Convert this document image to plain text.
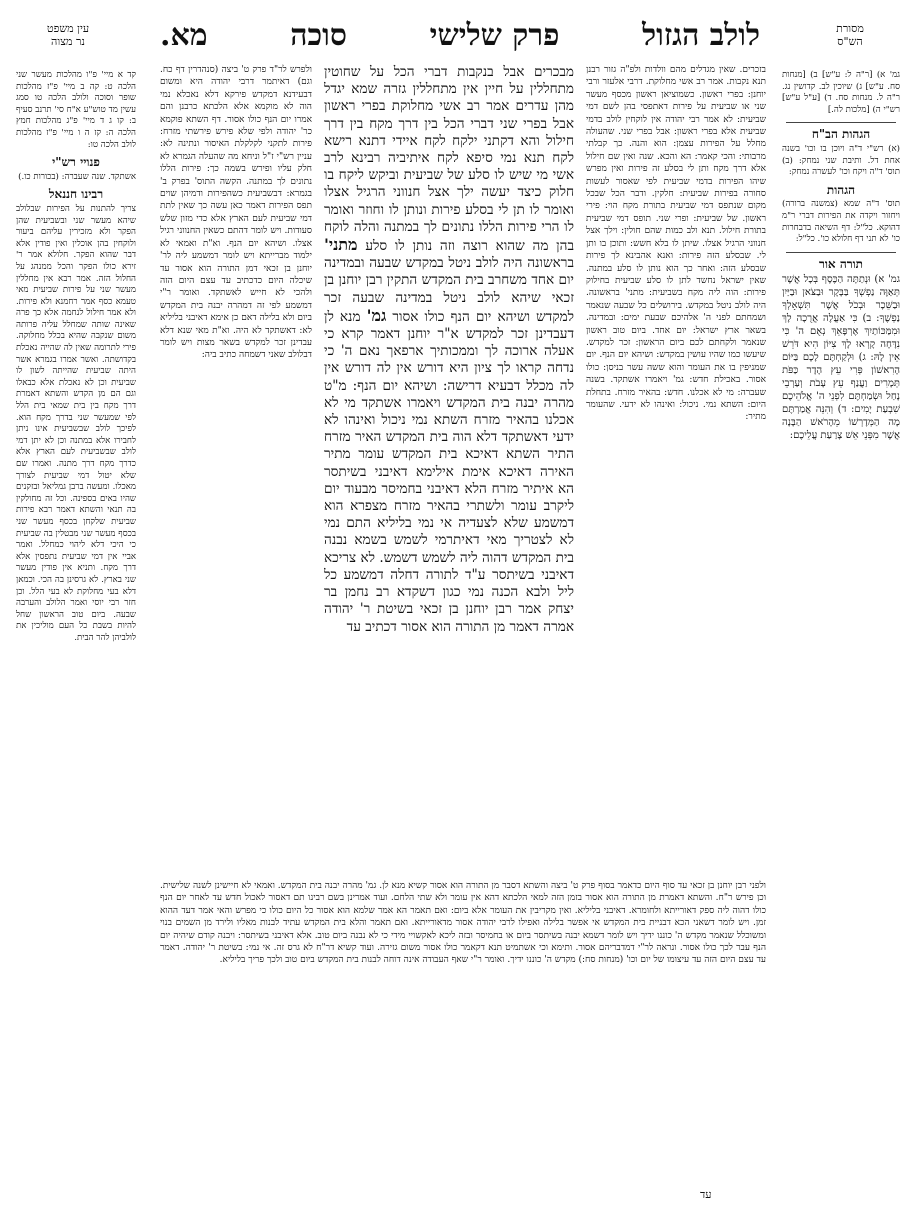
מסורת
הש"ס
לולב הגזול
פרק שלישי
סוכה
מא.
עין משפט
נר מצוה

גמ' א) [ר"ה ל: ע"ש] ב) [מנחות סח. ע"ש] ג) שיוכין לב. קדושין נג. ר"ה ל. מנחות סח. ד) [ע"ל ע"ש] רש"י ה) [מלכות לה.]

הגהות הב"ח

(א) רש"י ד"ה ויוכן בו וכו' בשנה אחת דל. ותיבת שני נמחק: (ב) תוס' ד"ה ויקח וכו' לעשרה נמחק:

הגהות

תוס' ד"ה שמא (צמשנה ברורה) ויחזור ויקדה את הפירות דברי ר"מ דהוקא. כל"ל: דף השיאה בדבחרות כו' לא תני דף חלולא כו'. כל"ל:

תורה אור

גמ' א) וּנְתַתָּה הַכֶּסֶף בְּכָל אֲשֶׁר תְּאַוֶּה נַפְשְׁךָ בַּבָּקָר וּבַצֹּאן וּבַיַּיִן וּבַשֵּׁכָר וּבְכֹל אֲשֶׁר תִּשְׁאָלְךָ נַפְשֶׁךָ: ב) כִּי אַעֲלֶה אֲרֻכָה לָךְ וּמִמַּכּוֹתַיִךְ אֶרְפָּאֵךְ נְאֻם ה' כִּי נִדָּחָה קָרְאוּ לָךְ צִיּוֹן הִיא דֹּרֵשׁ אֵין לָהּ: ג) וּלְקַחְתֶּם לָכֶם בַּיּוֹם הָרִאשׁוֹן פְּרִי עֵץ הָדָר כַּפֹּת תְּמָרִים וַעֲנַף עֵץ עָבֹת וְעַרְבֵי נָחַל וּשְׂמַחְתֶּם לִפְנֵי ה' אֱלֹהֵיכֶם שִׁבְעַת יָמִים: ד) וְהִנֵּה אֲמַרְתֶּם מָה הַמְּדָרְשׁוֹ מֵהָרֹאשׁ הַבָּנָה אֲשֶׁר מִפְּנֵי אֵשׁ צָרַעַת עֲלֵיכֶם:

קד א מיי' פ"ו מהלכות מעשר שני הלכה ט: קה ב מיי' פ"ז מהלכות שופר וסוכה ולולב הלכה טו סמג עשין מד טוש"ע א"ח סי' תרנב סעיף ב: קו ג ד מיי' פ"ג מהלכות חמץ הלכה ה: קז ה ו מיי' פ"ז מהלכות לולב הלכה טו:

פנויי רש"י

אשתקד. שנה שעברה: (בכורות כו.)

רבינו חננאל

צריך להתנות על הפירות שבלולב שיהא מעשר שני ובשביעית שהן הפקר ולא מזכירין עליהם ביעור ולוקחין בהן אוכלין ואין פודין אלא דבר שהוא הפקר. חלולא אמר ר' זירא כולו הפקר והכל ממנהג על החלול הזה. אמר רבא אין מחללין מעשר שני על פירות שביעית מאי טעמא כסף אמר רחמנא ולא פירות. ולא אמר חילול לנחמה אלא כך פרה שאינה שותה שמחלל עליה פרותה משום שנקבה שהיא בכלל מחלוקה. פירי לתרומה שאין לה שהייה נאכלת בקדושתה. ואשר אמרו בגמרא אשר היתה שביעית שהייתה לשון לו שביעית וכן לא נאכלת אלא כבאלו וגם הם מן הקדש והשתא דאמרת דרך מקח בין בית שמאי בית הלל לפי שמעשר שני בדרך מקח הוא. לפיכך לולב שבשביעית אינו ניתן לחבירו אלא במתנה וכן לא יתן דמי לולב שבשביעית לעם הארץ אלא כדרך מקח דרך מתנה. ואמרו שם שלא יטול דמי שביעית לצורך מאכלו. ומעשה ברבן גמליאל ובזקנים שהיו באים בספינה. וכל זה מחולקין בה תנאי והשתא דאמר רבא פירות שביעית שלקחן בכסף מעשר שני בכסף מעשר שני מבטלין בה שביעית כי היכי דלא ליהוי כמחלל. ואמר אביי אין דמי שביעית נתפסין אלא דרך מקח. ותניא אין פודין מעשר שני בארץ. לא גרסינן בה הכי. וכמאן דלא בעי מחלוקת לא בעי הלל. וכן חזר רבי יוסי ואמר הלולב והערבה שבעה. ביום טוב הראשון שחל להיות בשבת כל העם מוליכין את לולביהן להר הבית.

בזכרים. שאין מגדלים מהם וולדות ולפ"ה גזור רבנן תנא נקבות. אמר רב אשי מחלוקת. דרבי אלעזר ורבי יוחנן: בפרי ראשון. כשמוציאן ראשון מכסף מעשר שני או שביעית על פירות דאתפסי בהן לשם דמי שביעית: לא אמר רבי יהודה אין לוקחין לולב בדמי שביעית אלא בפרי ראשון: אבל בפרי שני. שהעולה מחלל על הפירות עצמן: הוא והנה. כך קבלתי מרבותי: והכי קאמר: הא והכא. שנה ואין שם חילול אלא דרך מקח ותן לי בסלע זה פירות ואין מפרש שיהו הפירות בדמי שביעית לפי שאסור לעשות סחורה בפירות שביעית: חלקין. ודבר הכל שבכל מקום שנתפס דמי שביעית בתורת מקח הוי: פירי ראשון. של שביעית: ופרי שני. תופס דמי שביעית בתורת חילול. תנא ולב כמות שהם חולין: וילך אצל חנווני הרגיל אצלו. שיתן לו בלא חשש: ותוכן בו ותן לי. שבסלע הזה פירות: ואנא אהבינא לך פירות שבסלע הזה: ואחר כך הוא נותן לו סלע במתנה. שאין ישראל נחשד לתן לו סלע שביעית בחילוק פירות: הוה ליה מקח בשביעית: מתני' בראשונה. היה לולב ניטל במקדש. בירושלים כל שבעה שנאמר ושמחתם לפני ה' אלהיכם שבעת ימים: ובמדינה. בשאר ארץ ישראל: יום אחד. ביום טוב ראשון שנאמר ולקחתם לכם ביום הראשון: זכר למקדש. שיעשו כמו שהיו עושין במקדש: ושיהא יום הנף. יום שמניפין בו את העומר והוא ששה עשר בניסן: כולו אסור. באכילת חדש: גמ' ויאמרו אשתקד. בשנה שעברה: מי לא אכלנו. חדש: בהאיר מזרח. בתחלת היום: השתא נמי. ניכול: ואינהו לא ידעי. שהעומר מתיר:

מבכרים אבל בנקבות דברי הכל על שחוטין מתחללין על חיין אין מתחללין גזרה שמא יגדל מהן עדרים אמר רב אשי מחלוקת בפרי ראשון אבל בפרי שני דברי הכל בין דרך מקח בין דרך חילול והא דקתני ילקח לקח איידי דתנא רישא לקח תנא נמי סיפא לקח איתיביה רבינא לרב אשי מי שיש לו סלע של שביעית וביקש ליקח בו חלוק כיצד יעשה ילך אצל חנווני הרגיל אצלו ואומר לו תן לי בסלע פירות ונותן לו וחוזר ואומר לו הרי פירות הללו נתונים לך במתנה והלה לוקח בהן מה שהוא רוצה וזה נותן לו סלע מתני' בראשונה היה לולב ניטל במקדש שבעה ובמדינה יום אחד משחרב בית המקדש התקין רבן יוחנן בן זכאי שיהא לולב ניטל במדינה שבעה זכר למקדש ושיהא יום הנף כולו אסור גמ' מנא לן דעבדינן זכר למקדש א"ר יוחנן דאמר קרא כי אעלה ארוכה לך וממכותיך ארפאך נאם ה' כי נדחה קראו לך ציון היא דורש אין לה דורש אין לה מכלל דבעיא דרישה: ושיהא יום הנף: מ"ט מהרה יבנה בית המקדש ויאמרו אשתקד מי לא אכלנו בהאיר מזרח השתא נמי ניכול ואינהו לא ידעי דאשתקד דלא הוה בית המקדש האיר מזרח התיר השתא דאיכא בית המקדש עומר מתיר האירה דאיכא אימת אילימא דאיבני בשיתסר הא איתיר מזרח הלא דאיבני בחמיסר מבעוד יום ליקרב עומר ולשתרי בהאיר מזרח מצפרא הוא דמשמע שלא לצעדיה אי נמי בליליא התם נמי לא לצטריך מאי דאיתרמי לשמש בשמא נבנה בית המקדש דהוה ליה לשמש דשמש. לא צריכא דאיבני בשיתסר ע"ד לתורה דחלה דמשמע כל ליל ולבא הכנה נמי כגון דשקדא רב נחמן בר יצחק אמר רבן יוחנן בן זכאי בשיטת ר' יהודה אמרה דאמר מן התורה הוא אסור דכתיב עד

ולפרש לר"ד פרק ט' ביצה (סנהדרין דף כח. וגם) דאיתמר דרבי יהודה היא ומשום דבעידנא דמקדש פירקא דלא נאכלא נמי הוה לא מוקמא אלא הלכתא כרבנן והם אמרו יום הנף כולו אסור. דף השתא פוקמא כר' יהודה ולפי שלא פירש פירשתי מזרח: פירות לתקני לקלקלת האיסור ונתינה לא: עניין רש"י ז"ל וניחא מה שהעלה הגמרא לא חלק עליו ופירש בשמה כך: פירות הללו נתונים לך במתנה. הקשה התוס' בפרק ב' בגמרא: דבשביעית כשהפירות ודמיהן שוים תפס הפירות דאמר כאן עשה כך שאין לתת דמי שביעית לעם הארץ אלא כדי מזון שלש סעודות. ויש לומר דהתם כשאין החנווני רגיל אצלו. ושיהא יום הנף. וא"ת ואמאי לא ילמוד מברייתא ויש לומר דמשמע ליה לר' יוחנן בן זכאי דמן התורה הוא אסור עד שיכלה היום כדכתיב עד עצם היום הזה ולהכי לא חייש לאשתקד. ואומר ר"י דמשמע לפי זה דמהרה יבנה בית המקדש ביום ולא בלילה דאם כן אימא דאיבני בליליא לא: דאשתקד לא היה. וא"ת מאי שנא דלא עבדינן זכר למקדש בשאר מצות ויש לומר דבלולב שאני דשמחה כתיב ביה:

ולפני רבן יוחנן בן זכאי עד סוף היום כדאמר בסוף פרק ט' ביצה והשתא דסבר מן התורה הוא אסור קשיא מנא לן. גמ' מהרה יבנה בית המקדש. ואמאי לא חיישינן לשנה שלישית. וכן פירש ר"ח. והשתא דאמרת מן התורה הוא אסור בזמן הזה למאי הלכתא דהא אין עומר ולא שתי הלחם. ועוד אמרינן בשם רבינו תם דאסור לאכול חדש עד לאחר יום הנף כולו דהוה ליה ספק דאורייתא ולחומרא. דאיבני בליליא. ואין מקריבין את העומר אלא ביום: ואם תאמר הא אמר שלמא הוא אסור כל היום כולו כי מפרש והאי אמר דעד ההוא זמן. ויש לומר דשאני הכא דבניית בית המקדש אי אפשר בלילה ואפילו לרבי יהודה אסור מדאורייתא. ואם תאמר והלא בית המקדש עתיד לבנות מאליו ולירד מן השמים בנוי ומשוכלל שנאמר מקדש ה' כוננו ידיך ויש לומר דשמא יבנה בשיתסר ביום או בחמיסר ובזה ליכא לאקשויי מידי כי לא נבנה ביום טוב. אלא דאיבני בשיתסר: ויבנה קודם שיהיה יום הנף עבר לכך כולו אסור. ונראה לר"י דמדבריהם אסור. ותימא וכי אשתמיט תנא דקאמר כולו אסור משום גזירה. ועוד קשיא דר"ח לא גרס זה. אי נמי: בשיטת ר' יהודה. דאמר עד עצם היום הזה עד עיצומו של יום וכו' (מנחות סח:) מקדש ה' כוננו ידיך. ואומר ר"י שאף העבודה אינה דוחה לבנות בית המקדש ביום טוב ולכך פריך בליליא.

עד
